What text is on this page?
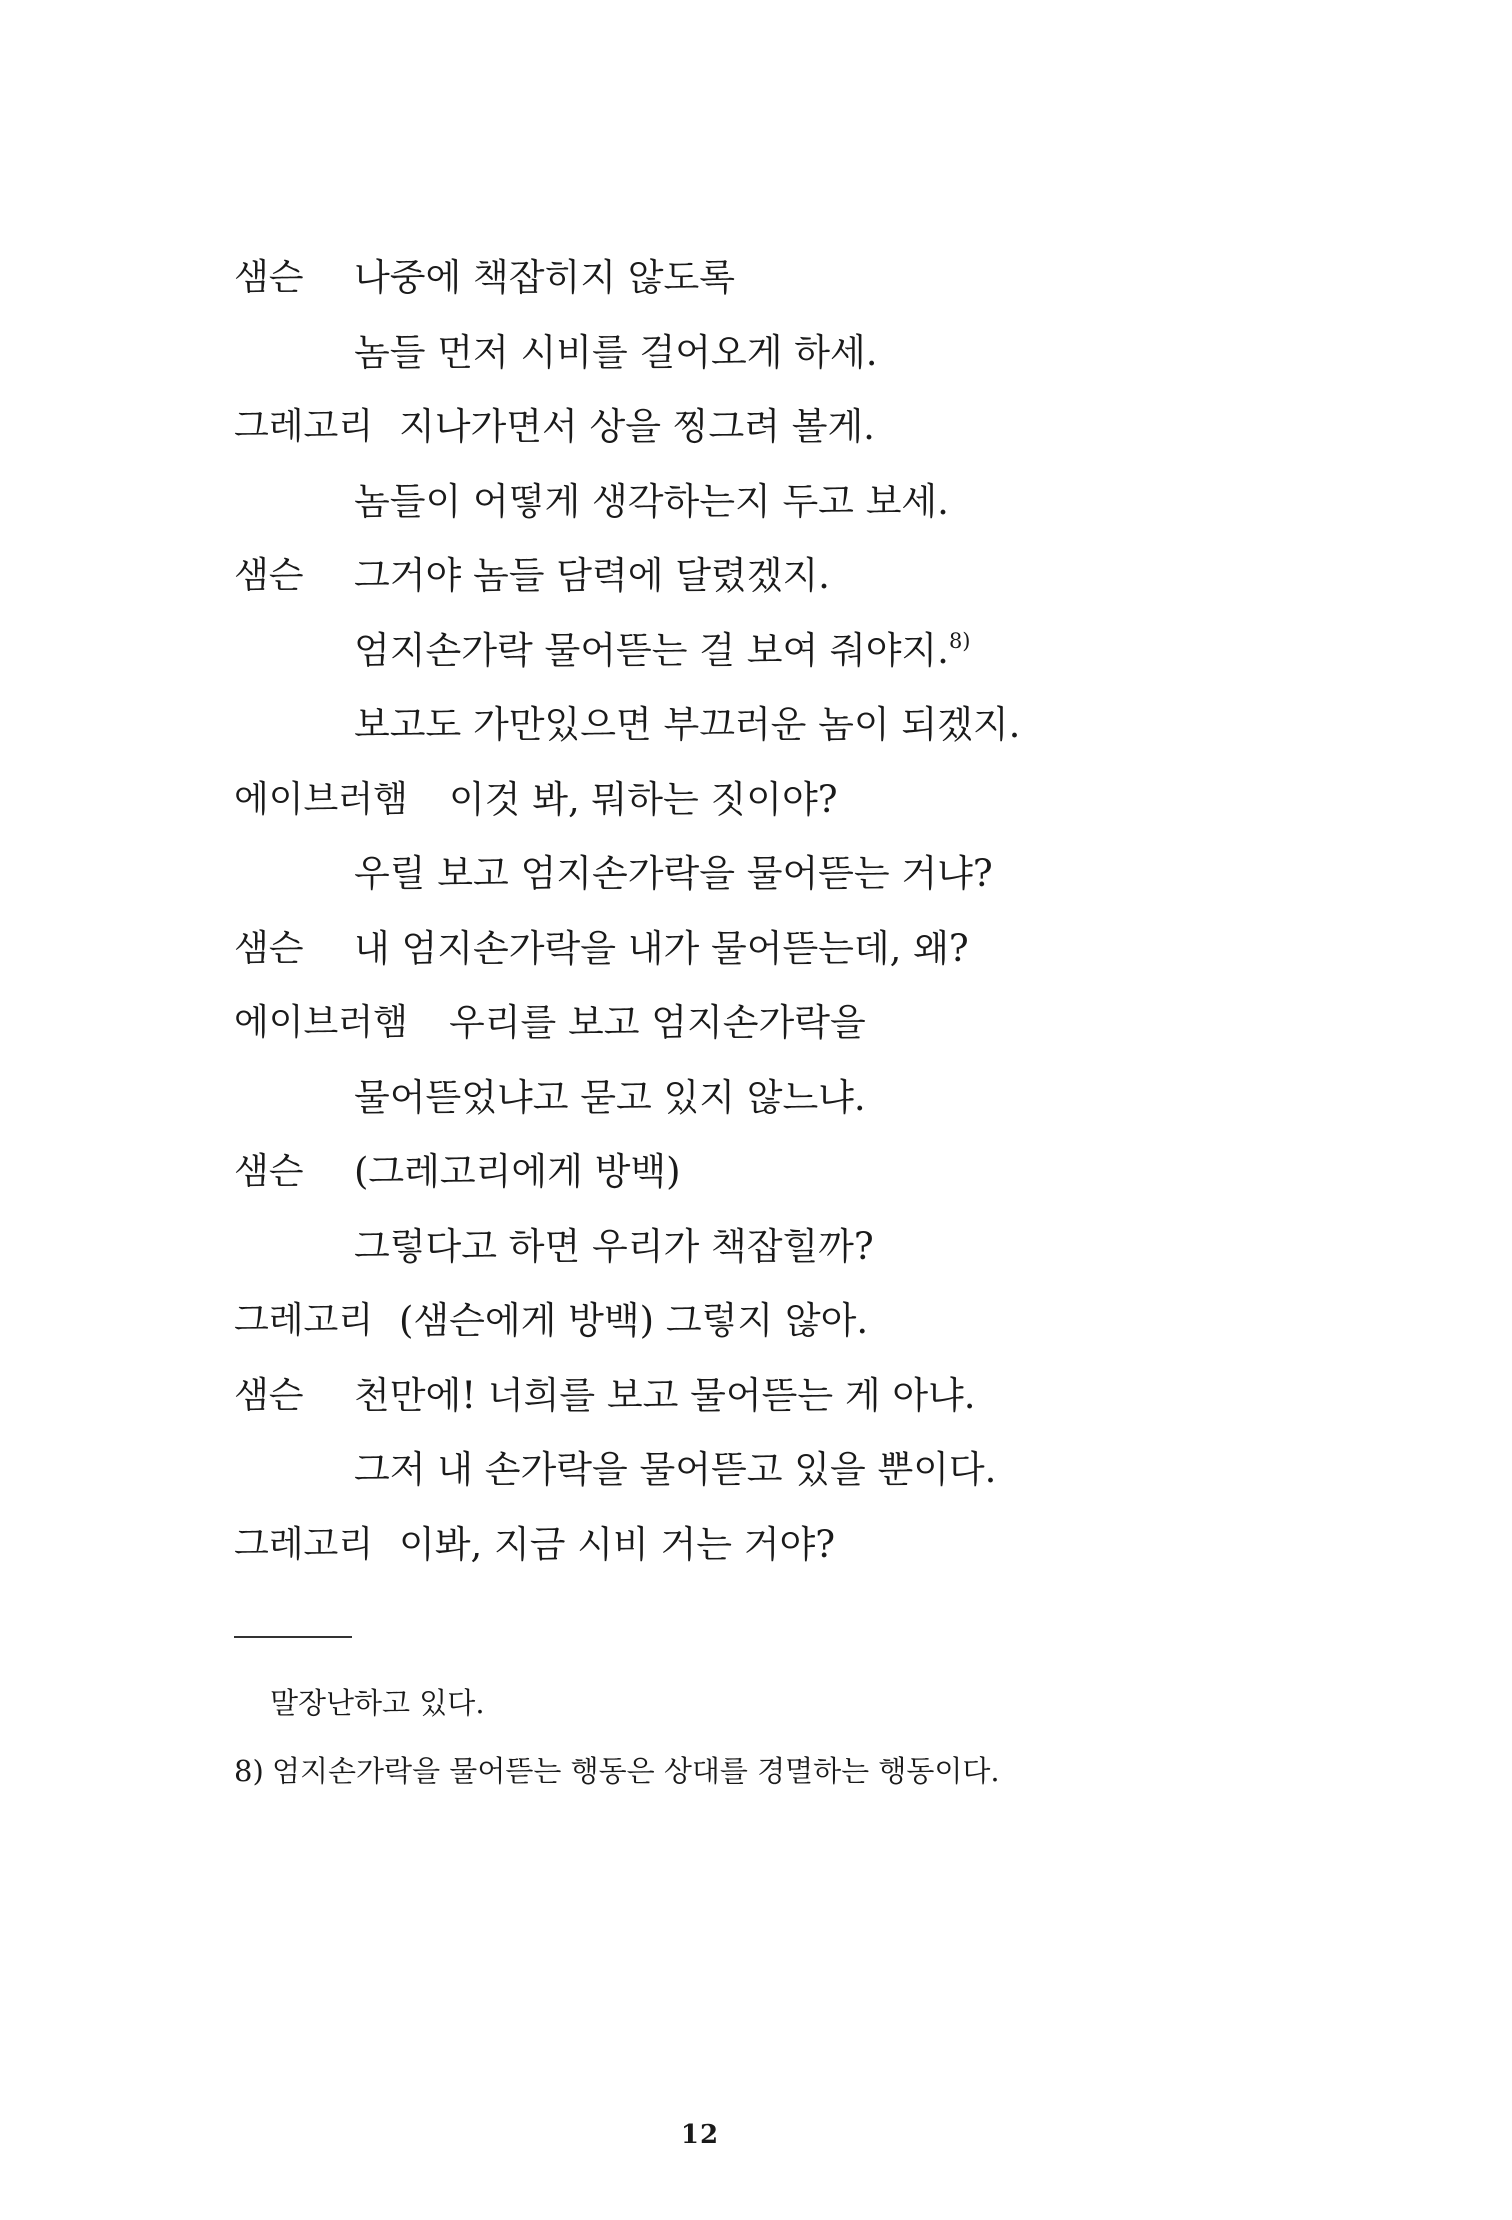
샘슨 나중에 책잡히지 않도록
놈들 먼저 시비를 걸어오게 하세.
그레고리 지나가면서 상을 찡그려 볼게.
놈들이 어떻게 생각하는지 두고 보세.
샘슨 그거야 놈들 담력에 달렸겠지.
엄지손가락 물어뜯는 걸 보여 줘야지.$^{8)}$
보고도 가만있으면 부끄러운 놈이 되겠지.
에이브러햄 이것 봐, 뭐하는 짓이야?
우릴 보고 엄지손가락을 물어뜯는 거냐?
샘슨 내 엄지손가락을 내가 물어뜯는데, 왜?
에이브러햄 우리를 보고 엄지손가락을
물어뜯었냐고 묻고 있지 않느냐.
샘슨 (그레고리에게 방백)
그렇다고 하면 우리가 책잡힐까?
그레고리 (샘슨에게 방백) 그렇지 않아.
샘슨 천만에! 너희를 보고 물어뜯는 게 아냐.
그저 내 손가락을 물어뜯고 있을 뿐이다.
그레고리 이봐, 지금 시비 거는 거야?
말장난하고 있다.
8) 엄지손가락을 물어뜯는 행동은 상대를 경멸하는 행동이다.
12
